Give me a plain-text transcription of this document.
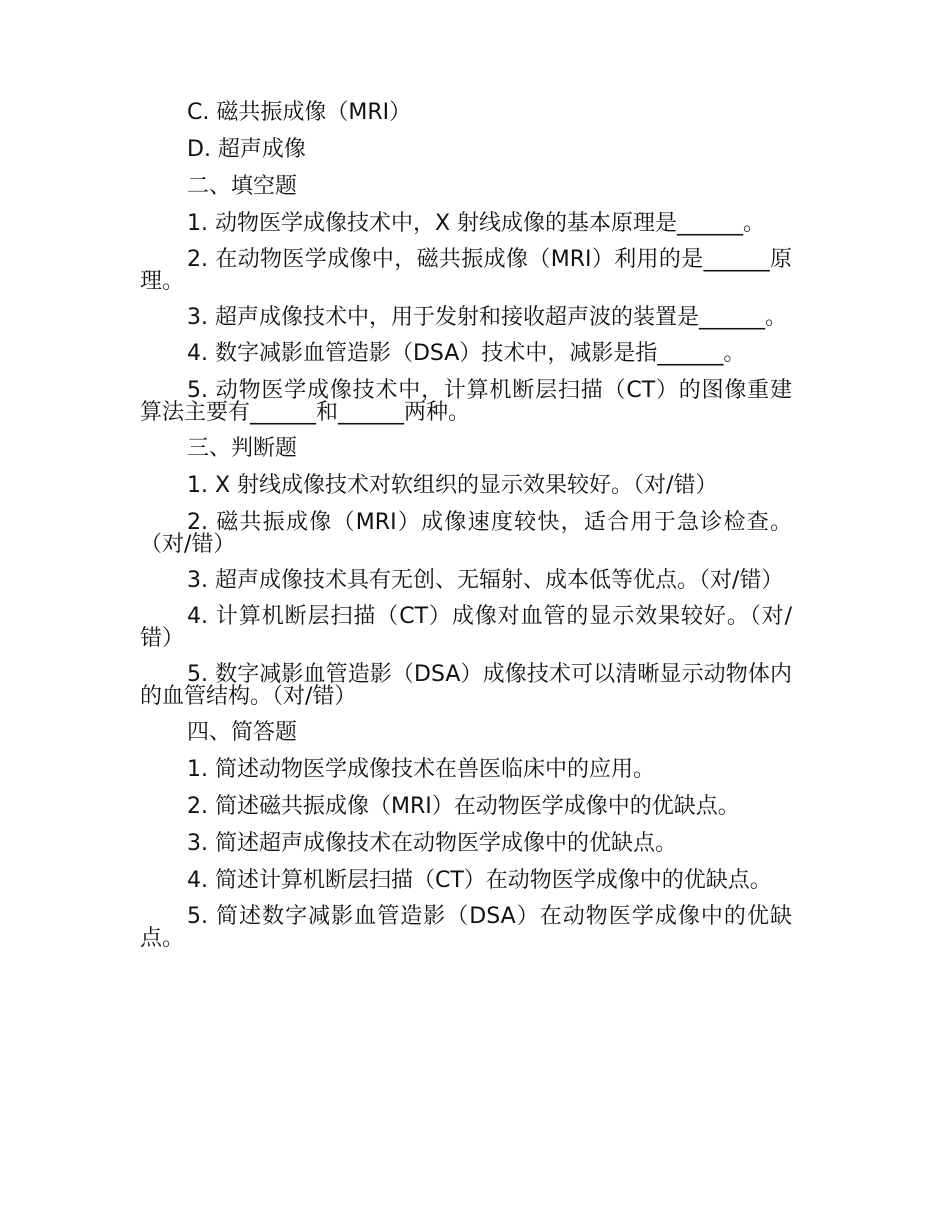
C. 磁共振成像（MRI）

D. 超声成像

二、填空题

1. 动物医学成像技术中，X 射线成像的基本原理是______。

2. 在动物医学成像中，磁共振成像（MRI）利用的是______原理。

3. 超声成像技术中，用于发射和接收超声波的装置是______。

4. 数字减影血管造影（DSA）技术中，减影是指______。

5. 动物医学成像技术中，计算机断层扫描（CT）的图像重建算法主要有______和______两种。

三、判断题

1. X 射线成像技术对软组织的显示效果较好。（对/错）

2. 磁共振成像（MRI）成像速度较快，适合用于急诊检查。（对/错）

3. 超声成像技术具有无创、无辐射、成本低等优点。（对/错）

4. 计算机断层扫描（CT）成像对血管的显示效果较好。（对/错）

5. 数字减影血管造影（DSA）成像技术可以清晰显示动物体内的血管结构。（对/错）

四、简答题

1. 简述动物医学成像技术在兽医临床中的应用。

2. 简述磁共振成像（MRI）在动物医学成像中的优缺点。

3. 简述超声成像技术在动物医学成像中的优缺点。

4. 简述计算机断层扫描（CT）在动物医学成像中的优缺点。

5. 简述数字减影血管造影（DSA）在动物医学成像中的优缺点。
